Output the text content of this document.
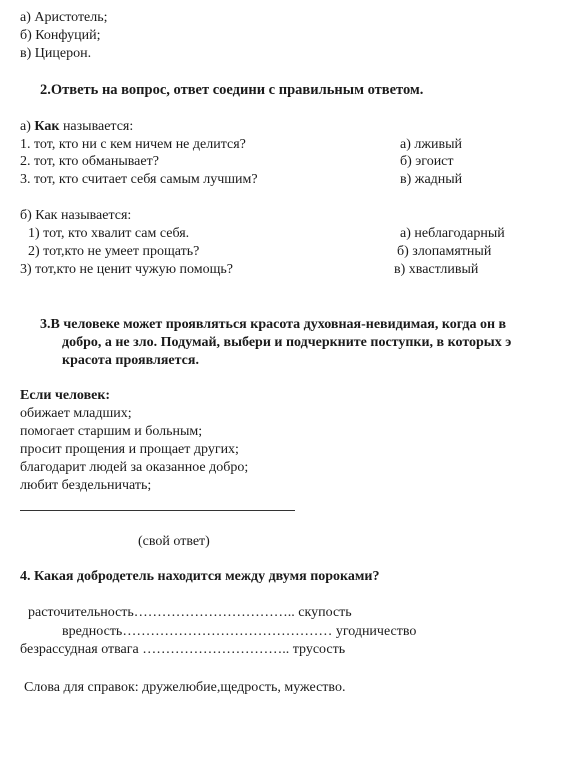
а) Аристотель;
б) Конфуций;
в) Цицерон.
2.Ответь на вопрос, ответ соедини с правильным ответом.
а) Как называется:
1. тот, кто ни с кем ничем не делится?
2. тот, кто обманывает?
3. тот, кто считает себя самым лучшим?
а) лживый
б) эгоист
в) жадный
б) Как называется:
1) тот, кто хвалит сам себя.
2) тот,кто не умеет прощать?
3) тот,кто не ценит чужую помощь?
а) неблагодарный
б) злопамятный
в) хвастливый
3.В человеке может проявляться красота духовная-невидимая, когда он в
добро, а не зло. Подумай, выбери и подчеркните поступки, в которых э
красота проявляется.
Если человек:
обижает младших;
помогает старшим и больным;
просит прощения и прощает других;
благодарит людей за оказанное добро;
любит бездельничать;
(свой ответ)
4. Какая добродетель находится между двумя пороками?
расточительность…………………………….. скупость
вредность……………………………………… угодничество
безрассудная отвага ………………………….. трусость
Слова для справок: дружелюбие,щедрость, мужество.
